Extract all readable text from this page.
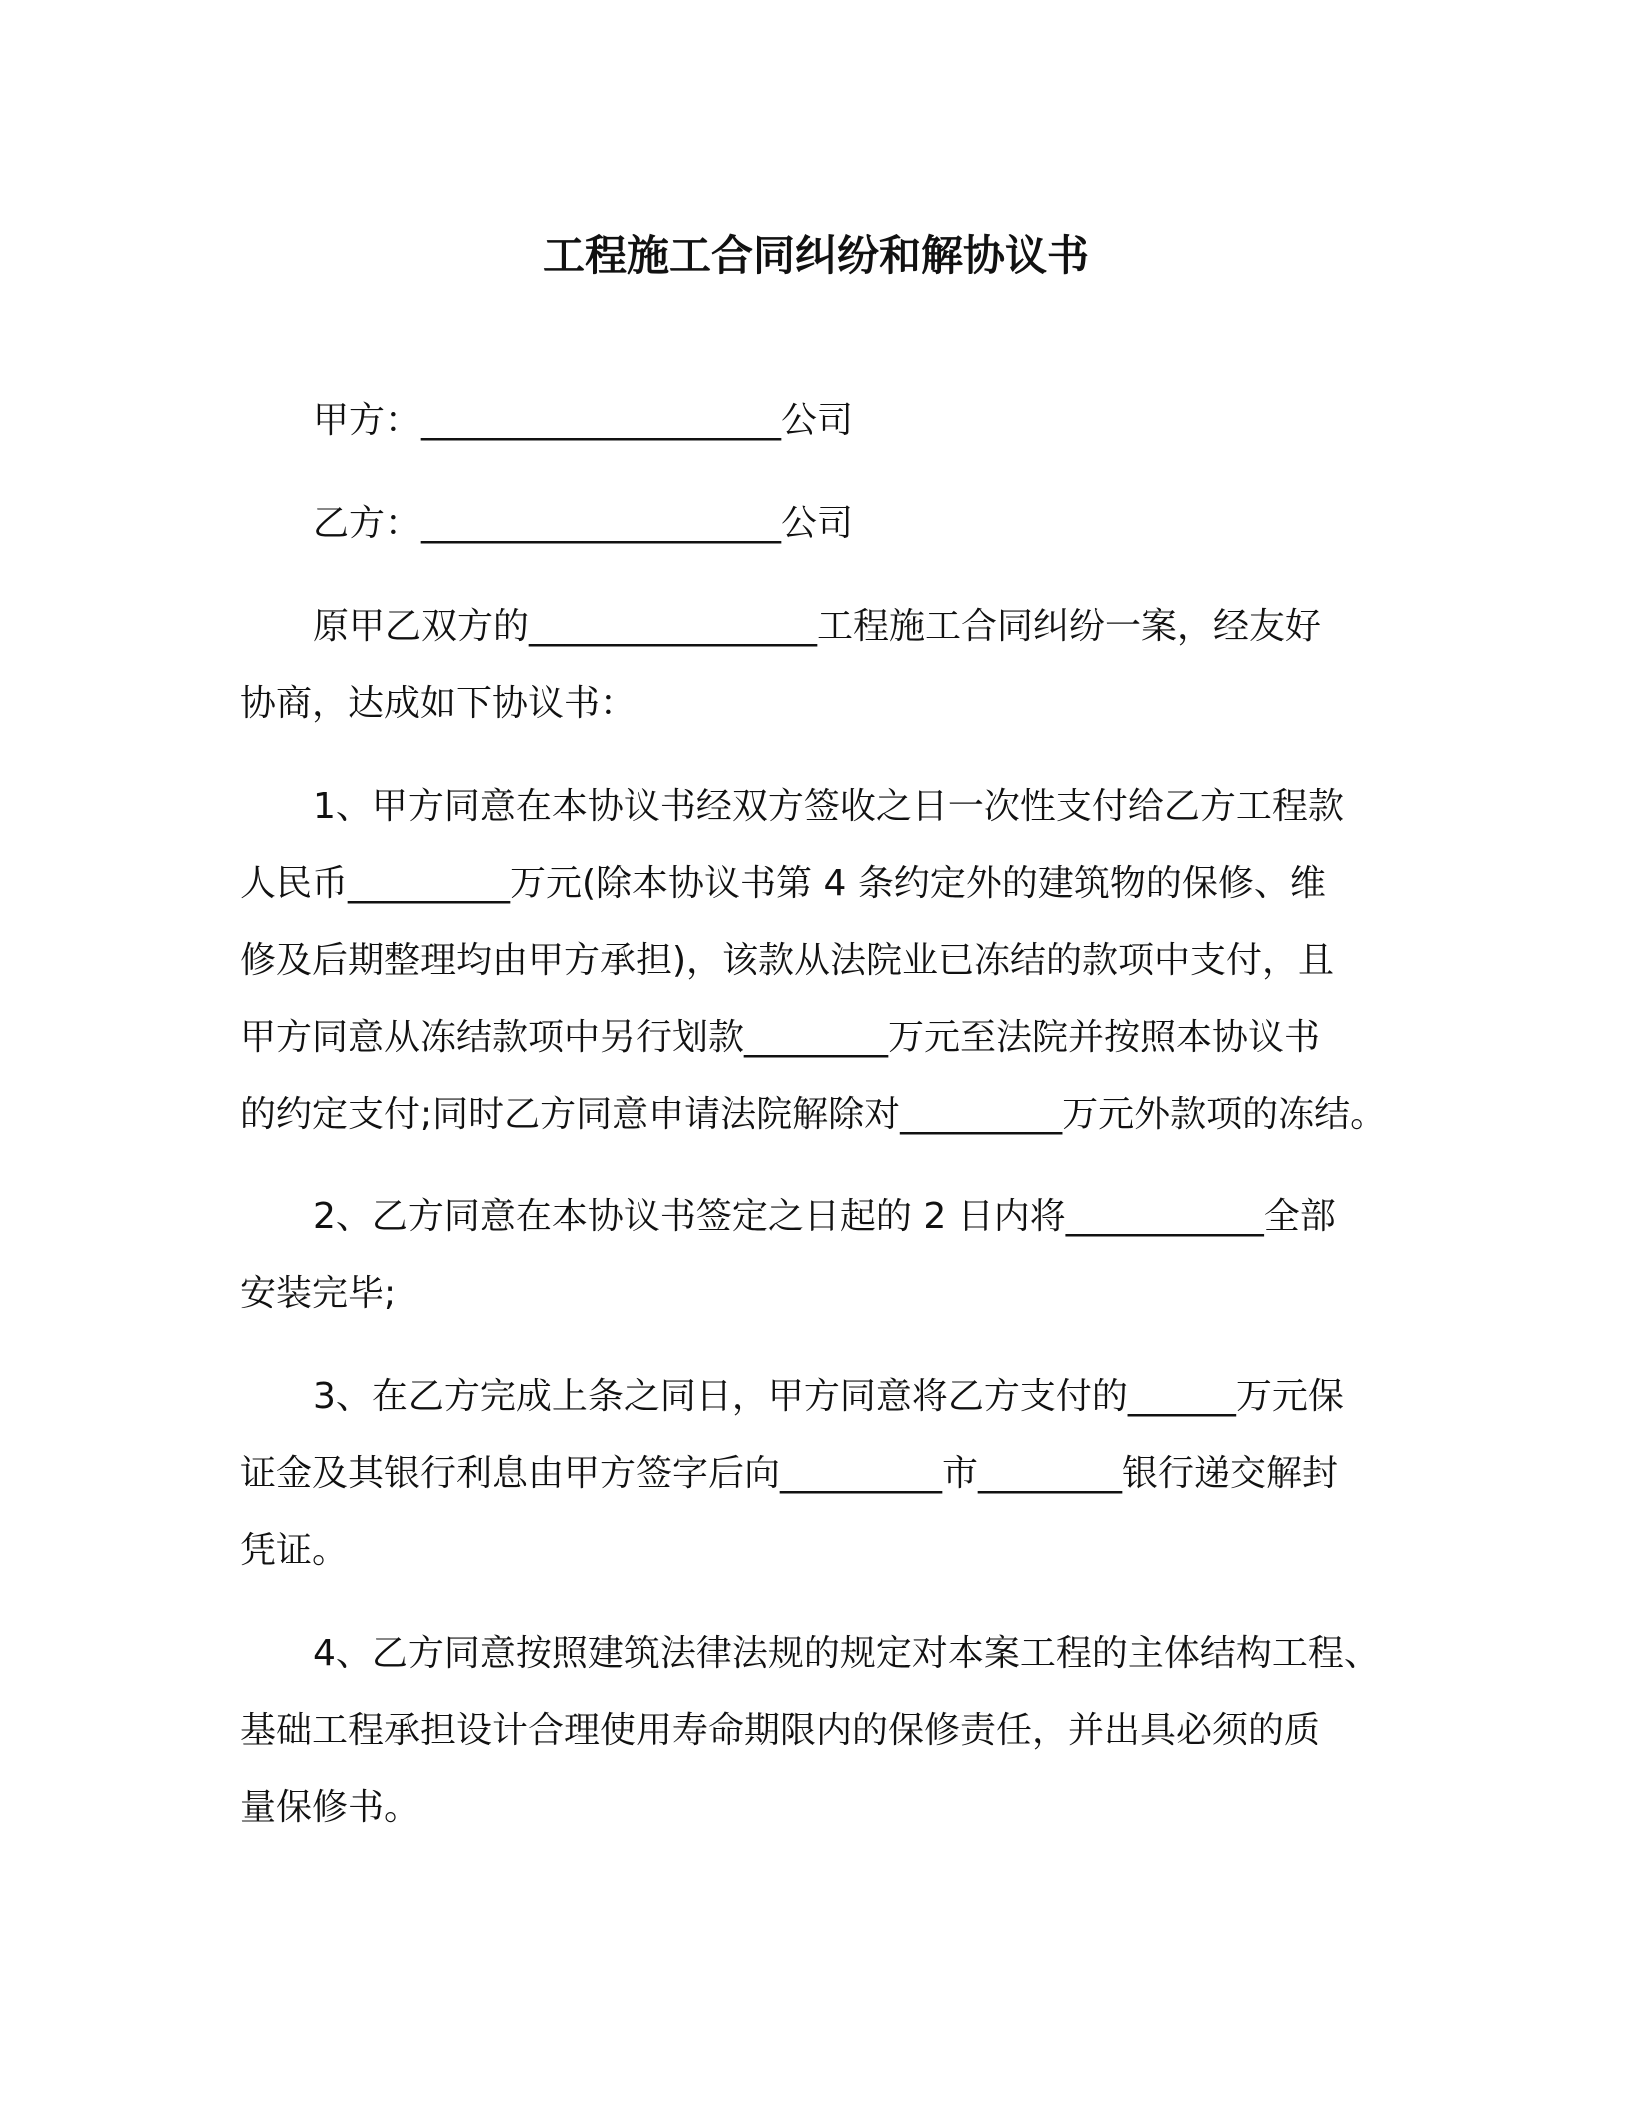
工程施工合同纠纷和解协议书
甲方：____________________公司
乙方：____________________公司
原甲乙双方的________________工程施工合同纠纷一案，经友好
协商，达成如下协议书：
1、甲方同意在本协议书经双方签收之日一次性支付给乙方工程款
人民币_________万元(除本协议书第 4 条约定外的建筑物的保修、维
修及后期整理均由甲方承担)，该款从法院业已冻结的款项中支付，且
甲方同意从冻结款项中另行划款________万元至法院并按照本协议书
的约定支付;同时乙方同意申请法院解除对_________万元外款项的冻结。
2、乙方同意在本协议书签定之日起的 2 日内将___________全部
安装完毕;
3、在乙方完成上条之同日，甲方同意将乙方支付的______万元保
证金及其银行利息由甲方签字后向_________市________银行递交解封
凭证。
4、乙方同意按照建筑法律法规的规定对本案工程的主体结构工程、
基础工程承担设计合理使用寿命期限内的保修责任，并出具必须的质
量保修书。
